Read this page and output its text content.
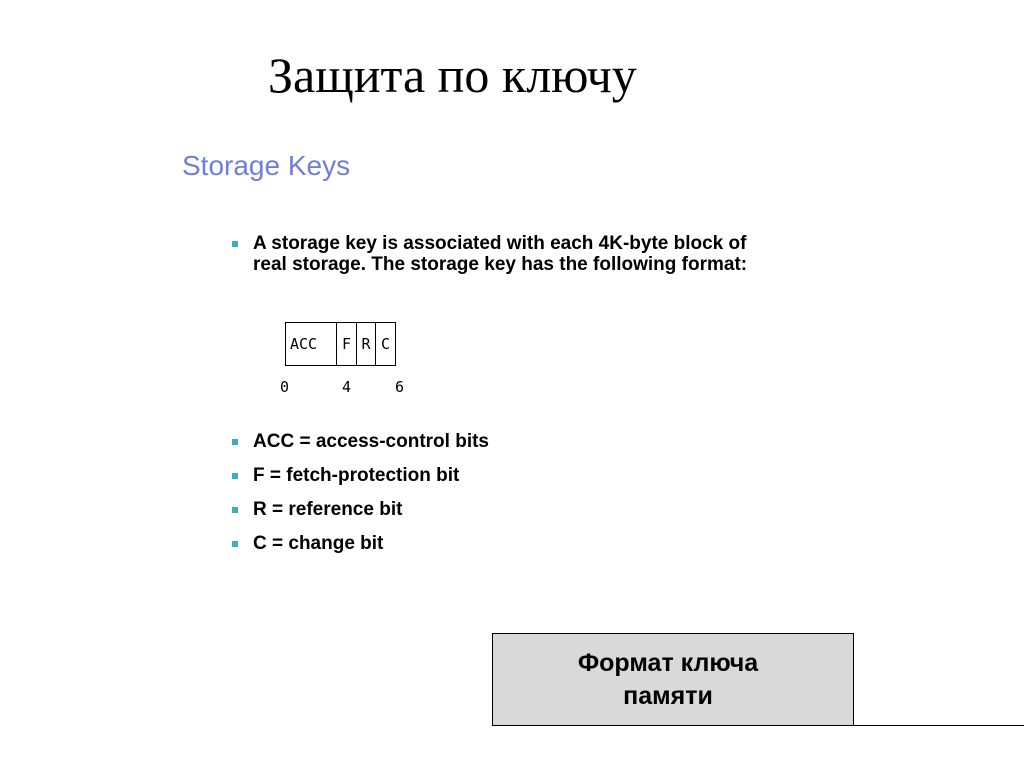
Защита по ключу
Storage Keys
A storage key is associated with each 4K-byte block of
real storage. The storage key has the following format:
ACC	F R C
0	4	6
ACC = access-control bits
F = fetch-protection bit
R = reference bit
C = change bit
Формат ключа
памяти
